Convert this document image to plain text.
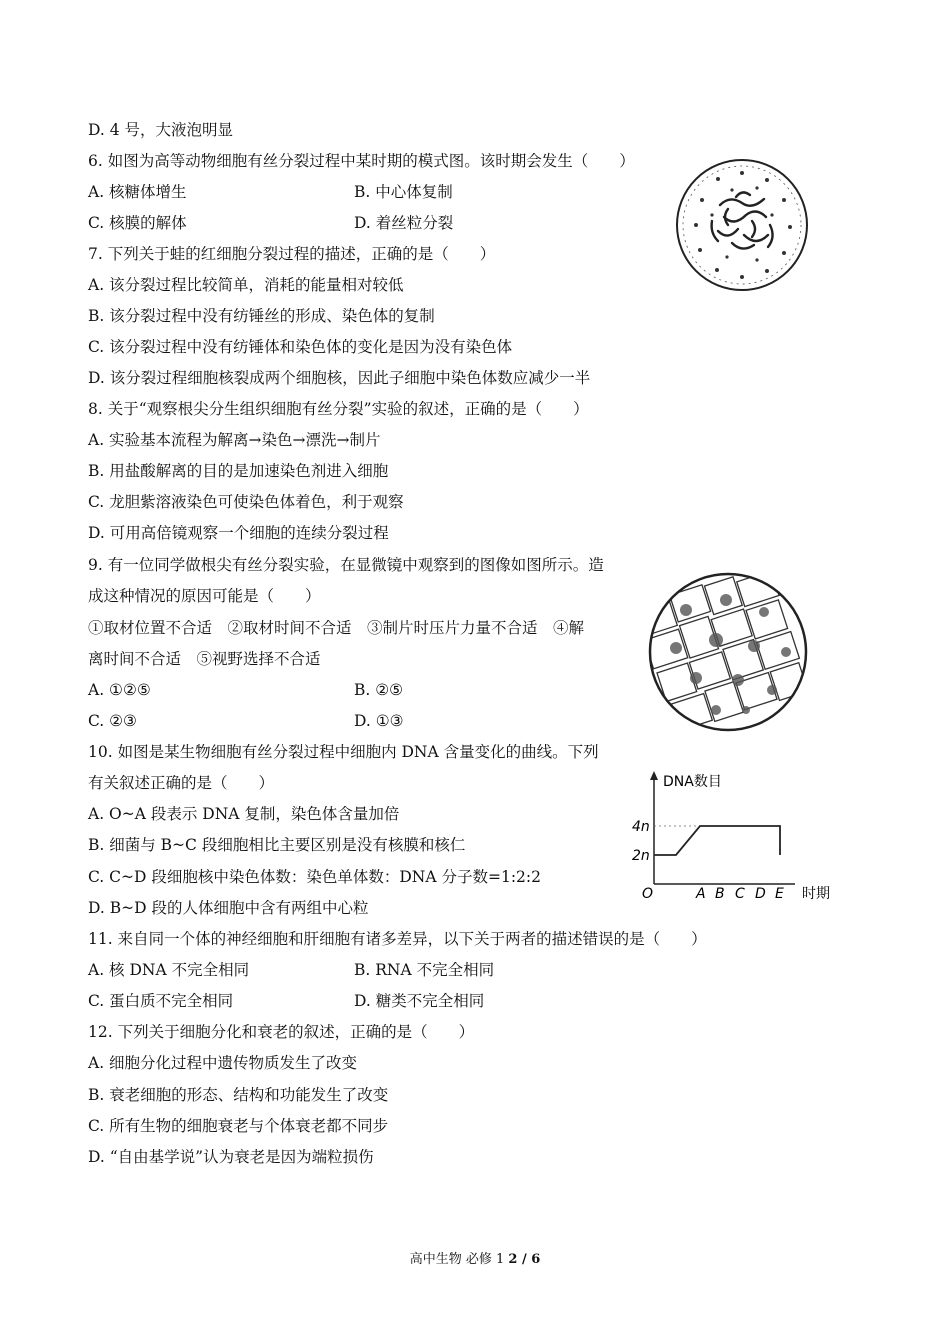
D. 4 号，大液泡明显
6. 如图为高等动物细胞有丝分裂过程中某时期的模式图。该时期会发生（　　）
A. 核糖体增生	B. 中心体复制
C. 核膜的解体	D. 着丝粒分裂
7. 下列关于蛙的红细胞分裂过程的描述，正确的是（　　）
A. 该分裂过程比较简单，消耗的能量相对较低
B. 该分裂过程中没有纺锤丝的形成、染色体的复制
C. 该分裂过程中没有纺锤体和染色体的变化是因为没有染色体
D. 该分裂过程细胞核裂成两个细胞核，因此子细胞中染色体数应减少一半
8. 关于“观察根尖分生组织细胞有丝分裂”实验的叙述，正确的是（　　）
A. 实验基本流程为解离→染色→漂洗→制片
B. 用盐酸解离的目的是加速染色剂进入细胞
C. 龙胆紫溶液染色可使染色体着色，利于观察
D. 可用高倍镜观察一个细胞的连续分裂过程
9. 有一位同学做根尖有丝分裂实验，在显微镜中观察到的图像如图所示。造
成这种情况的原因可能是（　　）
①取材位置不合适　②取材时间不合适　③制片时压片力量不合适　④解
离时间不合适　⑤视野选择不合适
A. ①②⑤	B. ②⑤
C. ②③	D. ①③
10. 如图是某生物细胞有丝分裂过程中细胞内 DNA 含量变化的曲线。下列
有关叙述正确的是（　　）
A. O~A 段表示 DNA 复制，染色体含量加倍
B. 细菌与 B~C 段细胞相比主要区别是没有核膜和核仁
C. C~D 段细胞核中染色体数：染色单体数：DNA 分子数=1:2:2
D. B~D 段的人体细胞中含有两组中心粒
11. 来自同一个体的神经细胞和肝细胞有诸多差异，以下关于两者的描述错误的是（　　）
A. 核 DNA 不完全相同	B. RNA 不完全相同
C. 蛋白质不完全相同	D. 糖类不完全相同
12. 下列关于细胞分化和衰老的叙述，正确的是（　　）
A. 细胞分化过程中遗传物质发生了改变
B. 衰老细胞的形态、结构和功能发生了改变
C. 所有生物的细胞衰老与个体衰老都不同步
D. “自由基学说”认为衰老是因为端粒损伤
DNA数目
时期
O
4n
2n
A B C D E
高中生物 必修 1 2 / 6
